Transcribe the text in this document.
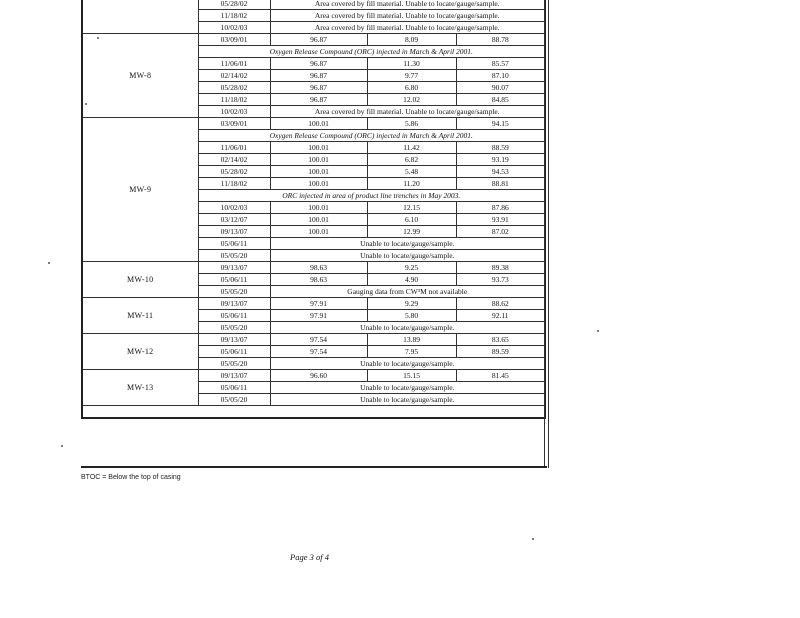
	05/28/02	Area covered by fill material. Unable to locate/gauge/sample.		
	11/18/02	Area covered by fill material. Unable to locate/gauge/sample.		
	10/02/03	Area covered by fill material. Unable to locate/gauge/sample.		
MW-8	03/09/01	96.87	8.09	88.78
	Oxygen Release Compound (ORC) injected in March & April 2001.			
	11/06/01	96.87	11.30	85.57
	02/14/02	96.87	9.77	87.10
	05/28/02	96.87	6.80	90.07
	11/18/02	96.87	12.02	84.85
	10/02/03	Area covered by fill material. Unable to locate/gauge/sample.		
MW-9	03/09/01	100.01	5.86	94.15
	Oxygen Release Compound (ORC) injected in March & April 2001.			
	11/06/01	100.01	11.42	88.59
	02/14/02	100.01	6.82	93.19
	05/28/02	100.01	5.48	94.53
	11/18/02	100.01	11.20	88.81
	ORC injected in area of product line trenches in May 2003.			
	10/02/03	100.01	12.15	87.86
	03/12/07	100.01	6.10	93.91
	09/13/07	100.01	12.99	87.02
	05/06/11	Unable to locate/gauge/sample.		
	05/05/20	Unable to locate/gauge/sample.		
MW-10	09/13/07	98.63	9.25	89.38
	05/06/11	98.63	4.90	93.73
	05/05/20	Gauging data from CW³M not available		
MW-11	09/13/07	97.91	9.29	88.62
	05/06/11	97.91	5.80	92.11
	05/05/20	Unable to locate/gauge/sample.		
MW-12	09/13/07	97.54	13.89	83.65
	05/06/11	97.54	7.95	89.59
	05/05/20	Unable to locate/gauge/sample.		
MW-13	09/13/07	96.60	15.15	81.45
	05/06/11	Unable to locate/gauge/sample.		
	05/05/20	Unable to locate/gauge/sample.		

BTOC = Below the top of casing
Page 3 of 4
